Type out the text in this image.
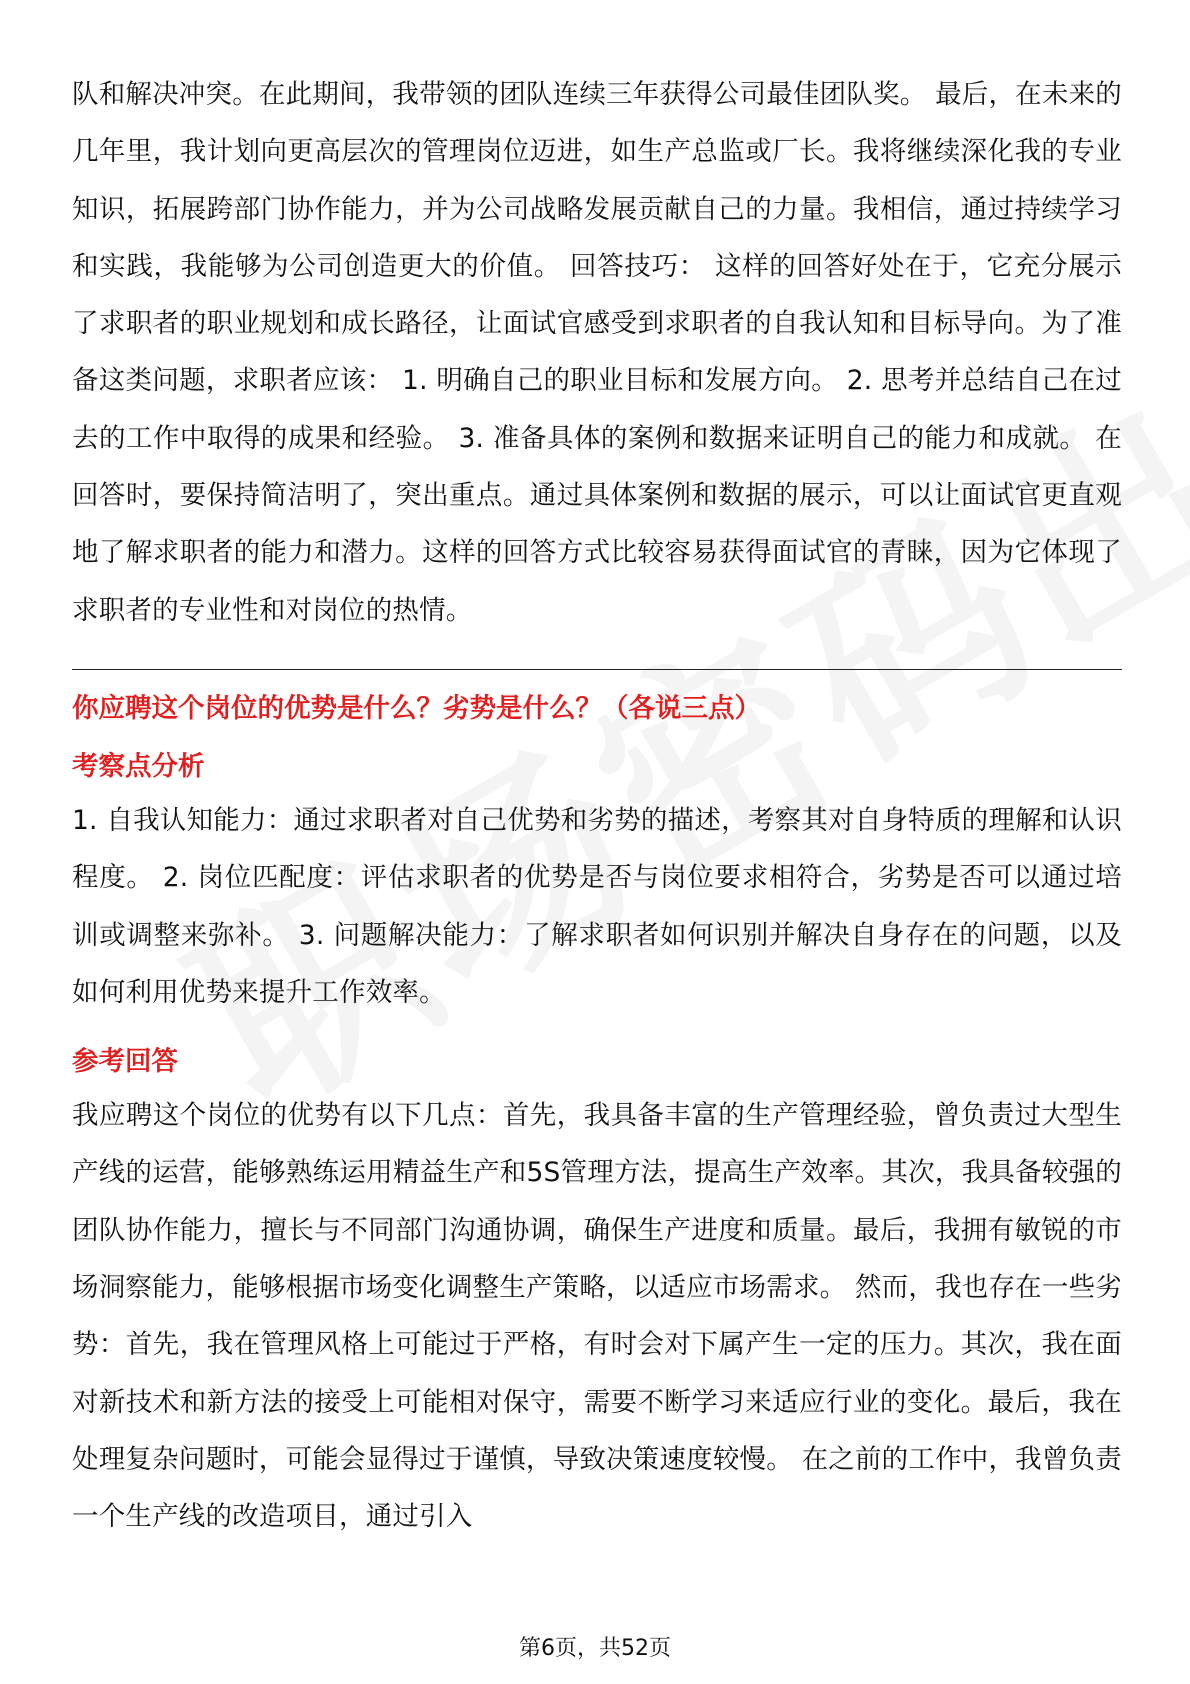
队和解决冲突。在此期间，我带领的团队连续三年获得公司最佳团队奖。 最后，在未来的几年里，我计划向更高层次的管理岗位迈进，如生产总监或厂长。我将继续深化我的专业知识，拓展跨部门协作能力，并为公司战略发展贡献自己的力量。我相信，通过持续学习和实践，我能够为公司创造更大的价值。 回答技巧： 这样的回答好处在于，它充分展示了求职者的职业规划和成长路径，让面试官感受到求职者的自我认知和目标导向。为了准备这类问题，求职者应该： 1. 明确自己的职业目标和发展方向。 2. 思考并总结自己在过去的工作中取得的成果和经验。 3. 准备具体的案例和数据来证明自己的能力和成就。 在回答时，要保持简洁明了，突出重点。通过具体案例和数据的展示，可以让面试官更直观地了解求职者的能力和潜力。这样的回答方式比较容易获得面试官的青睐，因为它体现了求职者的专业性和对岗位的热情。

你应聘这个岗位的优势是什么？劣势是什么？（各说三点）
考察点分析

1. 自我认知能力：通过求职者对自己优势和劣势的描述，考察其对自身特质的理解和认识程度。 2. 岗位匹配度：评估求职者的优势是否与岗位要求相符合，劣势是否可以通过培训或调整来弥补。 3. 问题解决能力：了解求职者如何识别并解决自身存在的问题，以及如何利用优势来提升工作效率。

参考回答

我应聘这个岗位的优势有以下几点：首先，我具备丰富的生产管理经验，曾负责过大型生产线的运营，能够熟练运用精益生产和5S管理方法，提高生产效率。其次，我具备较强的团队协作能力，擅长与不同部门沟通协调，确保生产进度和质量。最后，我拥有敏锐的市场洞察能力，能够根据市场变化调整生产策略，以适应市场需求。 然而，我也存在一些劣势：首先，我在管理风格上可能过于严格，有时会对下属产生一定的压力。其次，我在面对新技术和新方法的接受上可能相对保守，需要不断学习来适应行业的变化。最后，我在处理复杂问题时，可能会显得过于谨慎，导致决策速度较慢。 在之前的工作中，我曾负责一个生产线的改造项目，通过引入

第6页，共52页
